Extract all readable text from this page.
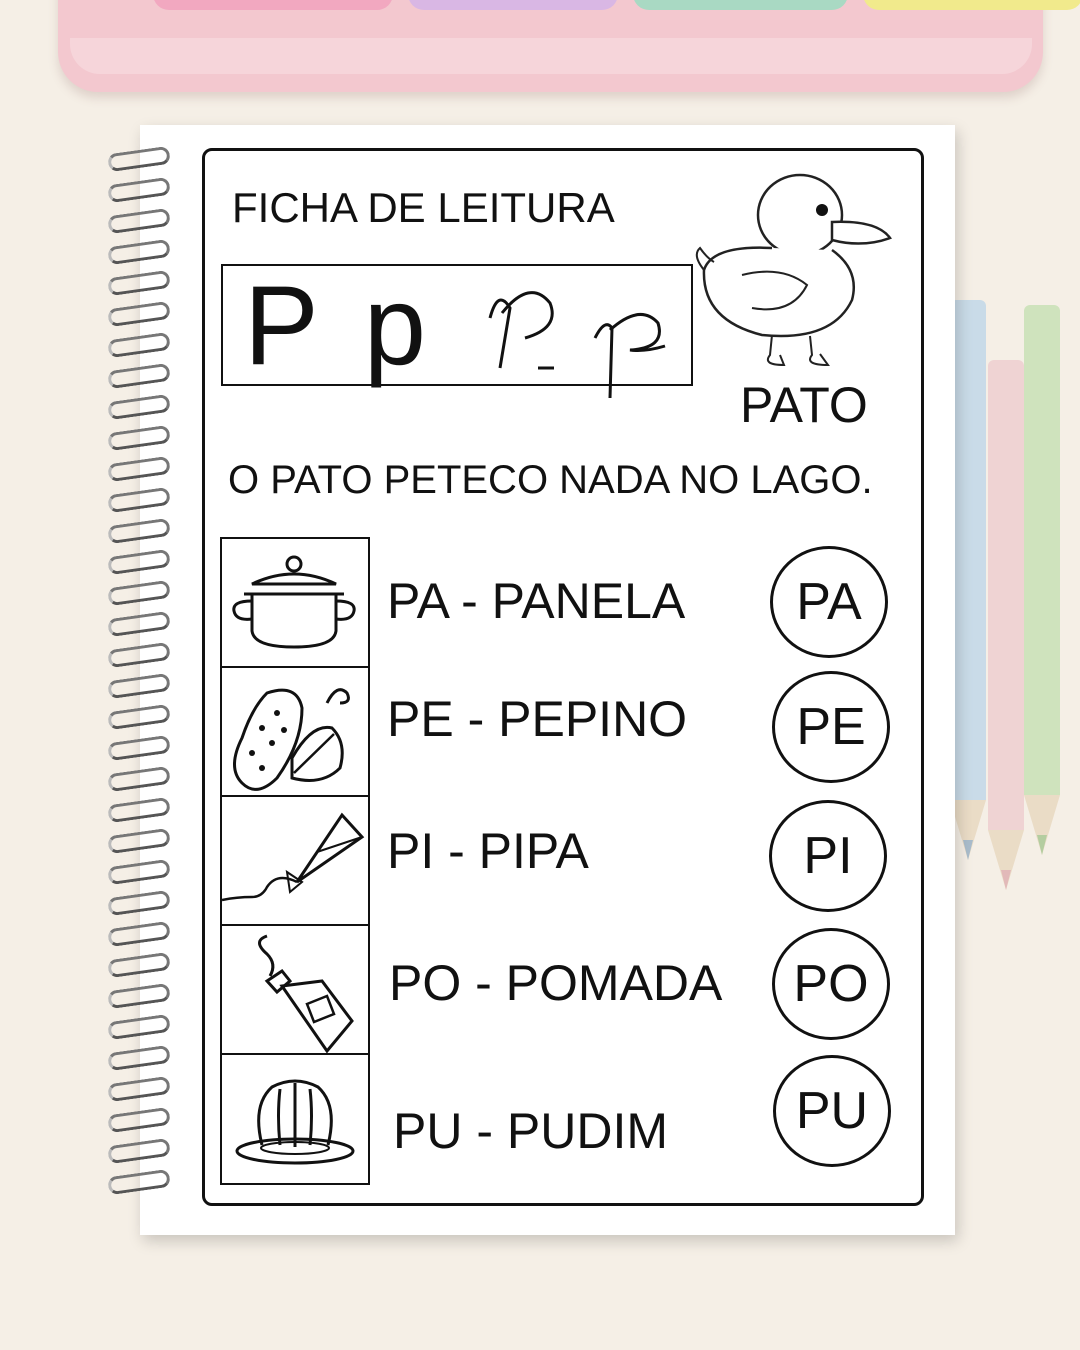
FICHA DE LEITURA
P p
PATO
O PATO PETECO NADA NO LAGO.
PA - PANELA
PE - PEPINO
PI - PIPA
PO - POMADA
PU - PUDIM
PA
PE
PI
PO
PU
